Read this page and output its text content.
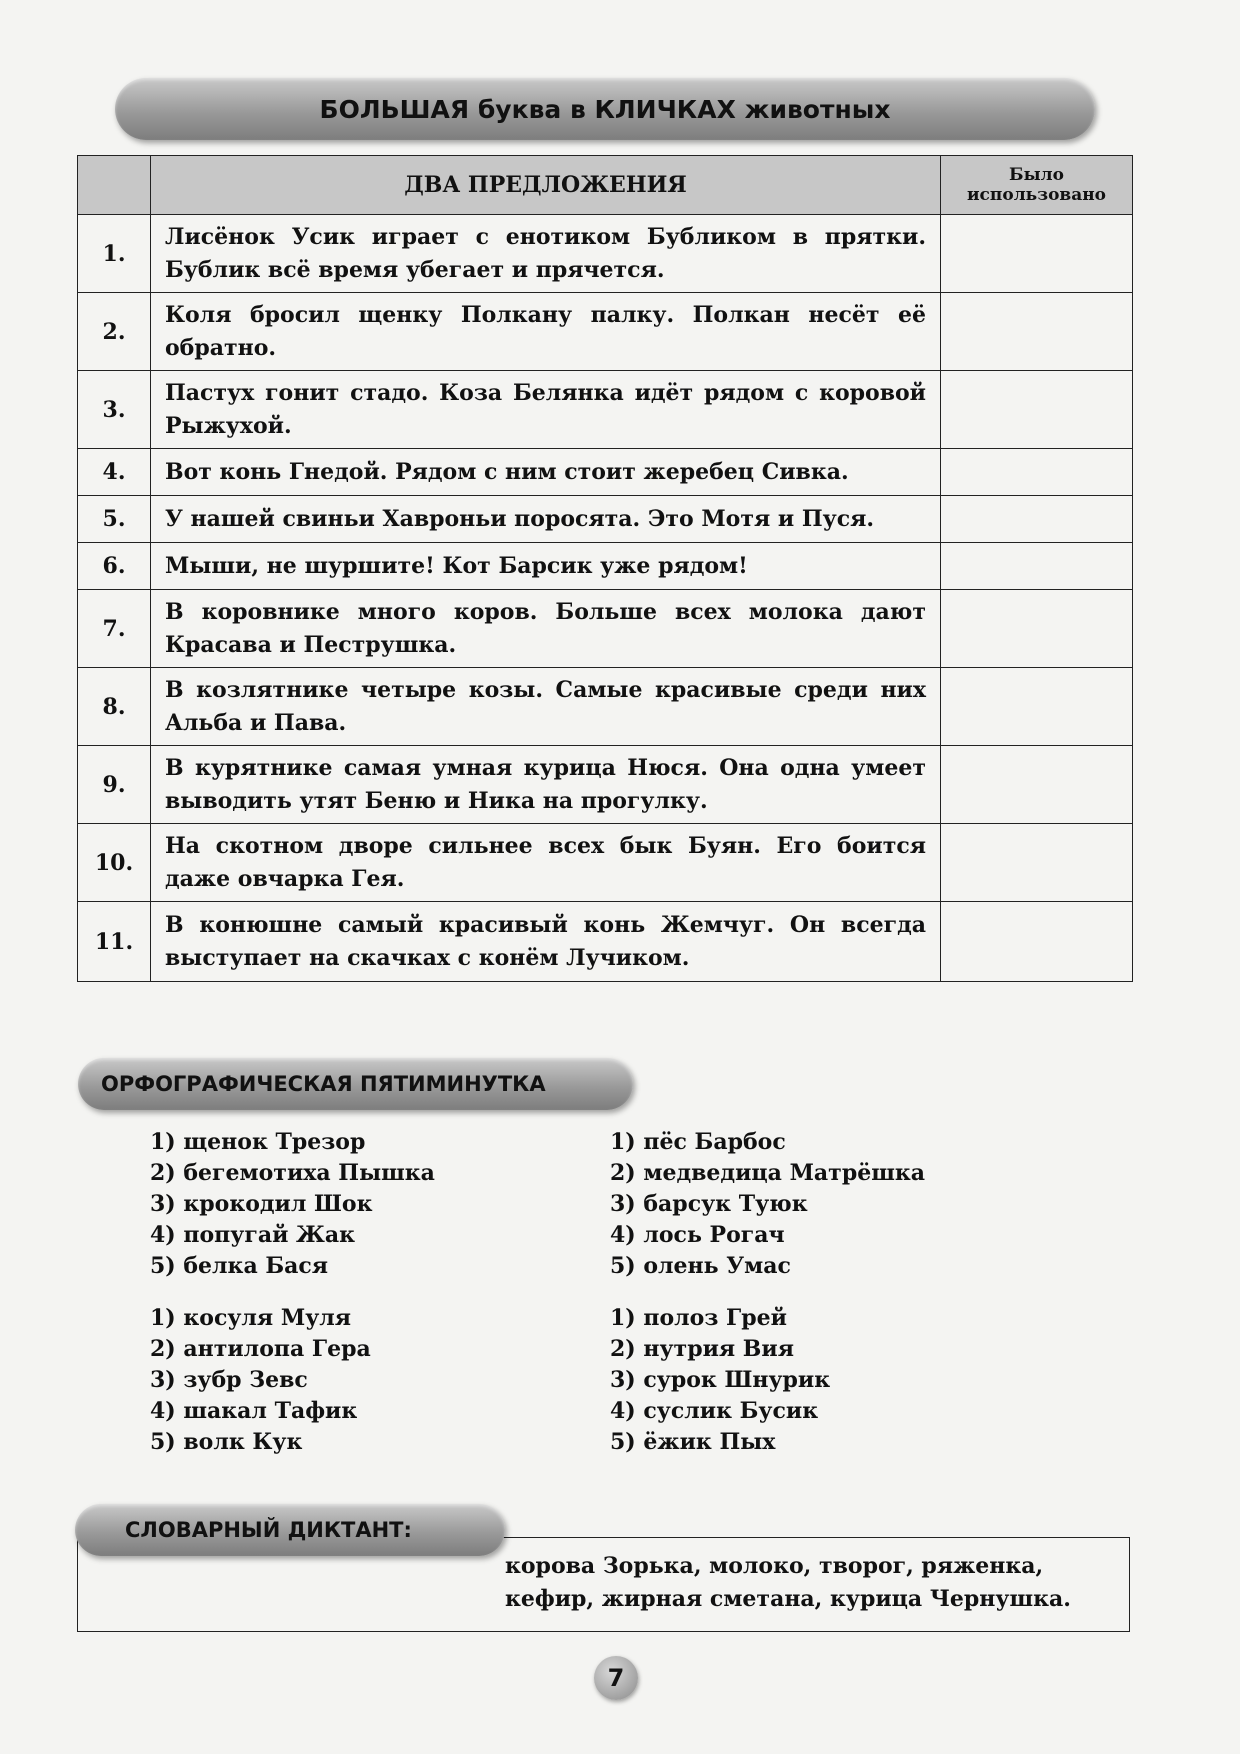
БОЛЬШАЯ буква в КЛИЧКАХ животных
	ДВА ПРЕДЛОЖЕНИЯ	Было использовано
1.	Лисёнок Усик играет с енотиком Бубликом в прятки. Бублик всё время убегает и прячется.	
2.	Коля бросил щенку Полкану палку. Полкан несёт её обратно.	
3.	Пастух гонит стадо. Коза Белянка идёт рядом с коровой Рыжухой.	
4.	Вот конь Гнедой. Рядом с ним стоит жеребец Сивка.	
5.	У нашей свиньи Хавроньи поросята. Это Мотя и Пуся.	
6.	Мыши, не шуршите! Кот Барсик уже рядом!	
7.	В коровнике много коров. Больше всех молока дают Красава и Пеструшка.	
8.	В козлятнике четыре козы. Самые красивые среди них Альба и Пава.	
9.	В курятнике самая умная курица Нюся. Она одна умеет выводить утят Беню и Ника на прогулку.	
10.	На скотном дворе сильнее всех бык Буян. Его боится даже овчарка Гея.	
11.	В конюшне самый красивый конь Жемчуг. Он всегда выступает на скачках с конём Лучиком.	
ОРФОГРАФИЧЕСКАЯ ПЯТИМИНУТКА
1) щенок Трезор
2) бегемотиха Пышка
3) крокодил Шок
4) попугай Жак
5) белка Бася
1) пёс Барбос
2) медведица Матрёшка
3) барсук Туюк
4) лось Рогач
5) олень Умас
1) косуля Муля
2) антилопа Гера
3) зубр Зевс
4) шакал Тафик
5) волк Кук
1) полоз Грей
2) нутрия Вия
3) сурок Шнурик
4) суслик Бусик
5) ёжик Пых
СЛОВАРНЫЙ ДИКТАНТ:
корова Зорька, молоко, творог, ряженка,
кефир, жирная сметана, курица Чернушка.
7
